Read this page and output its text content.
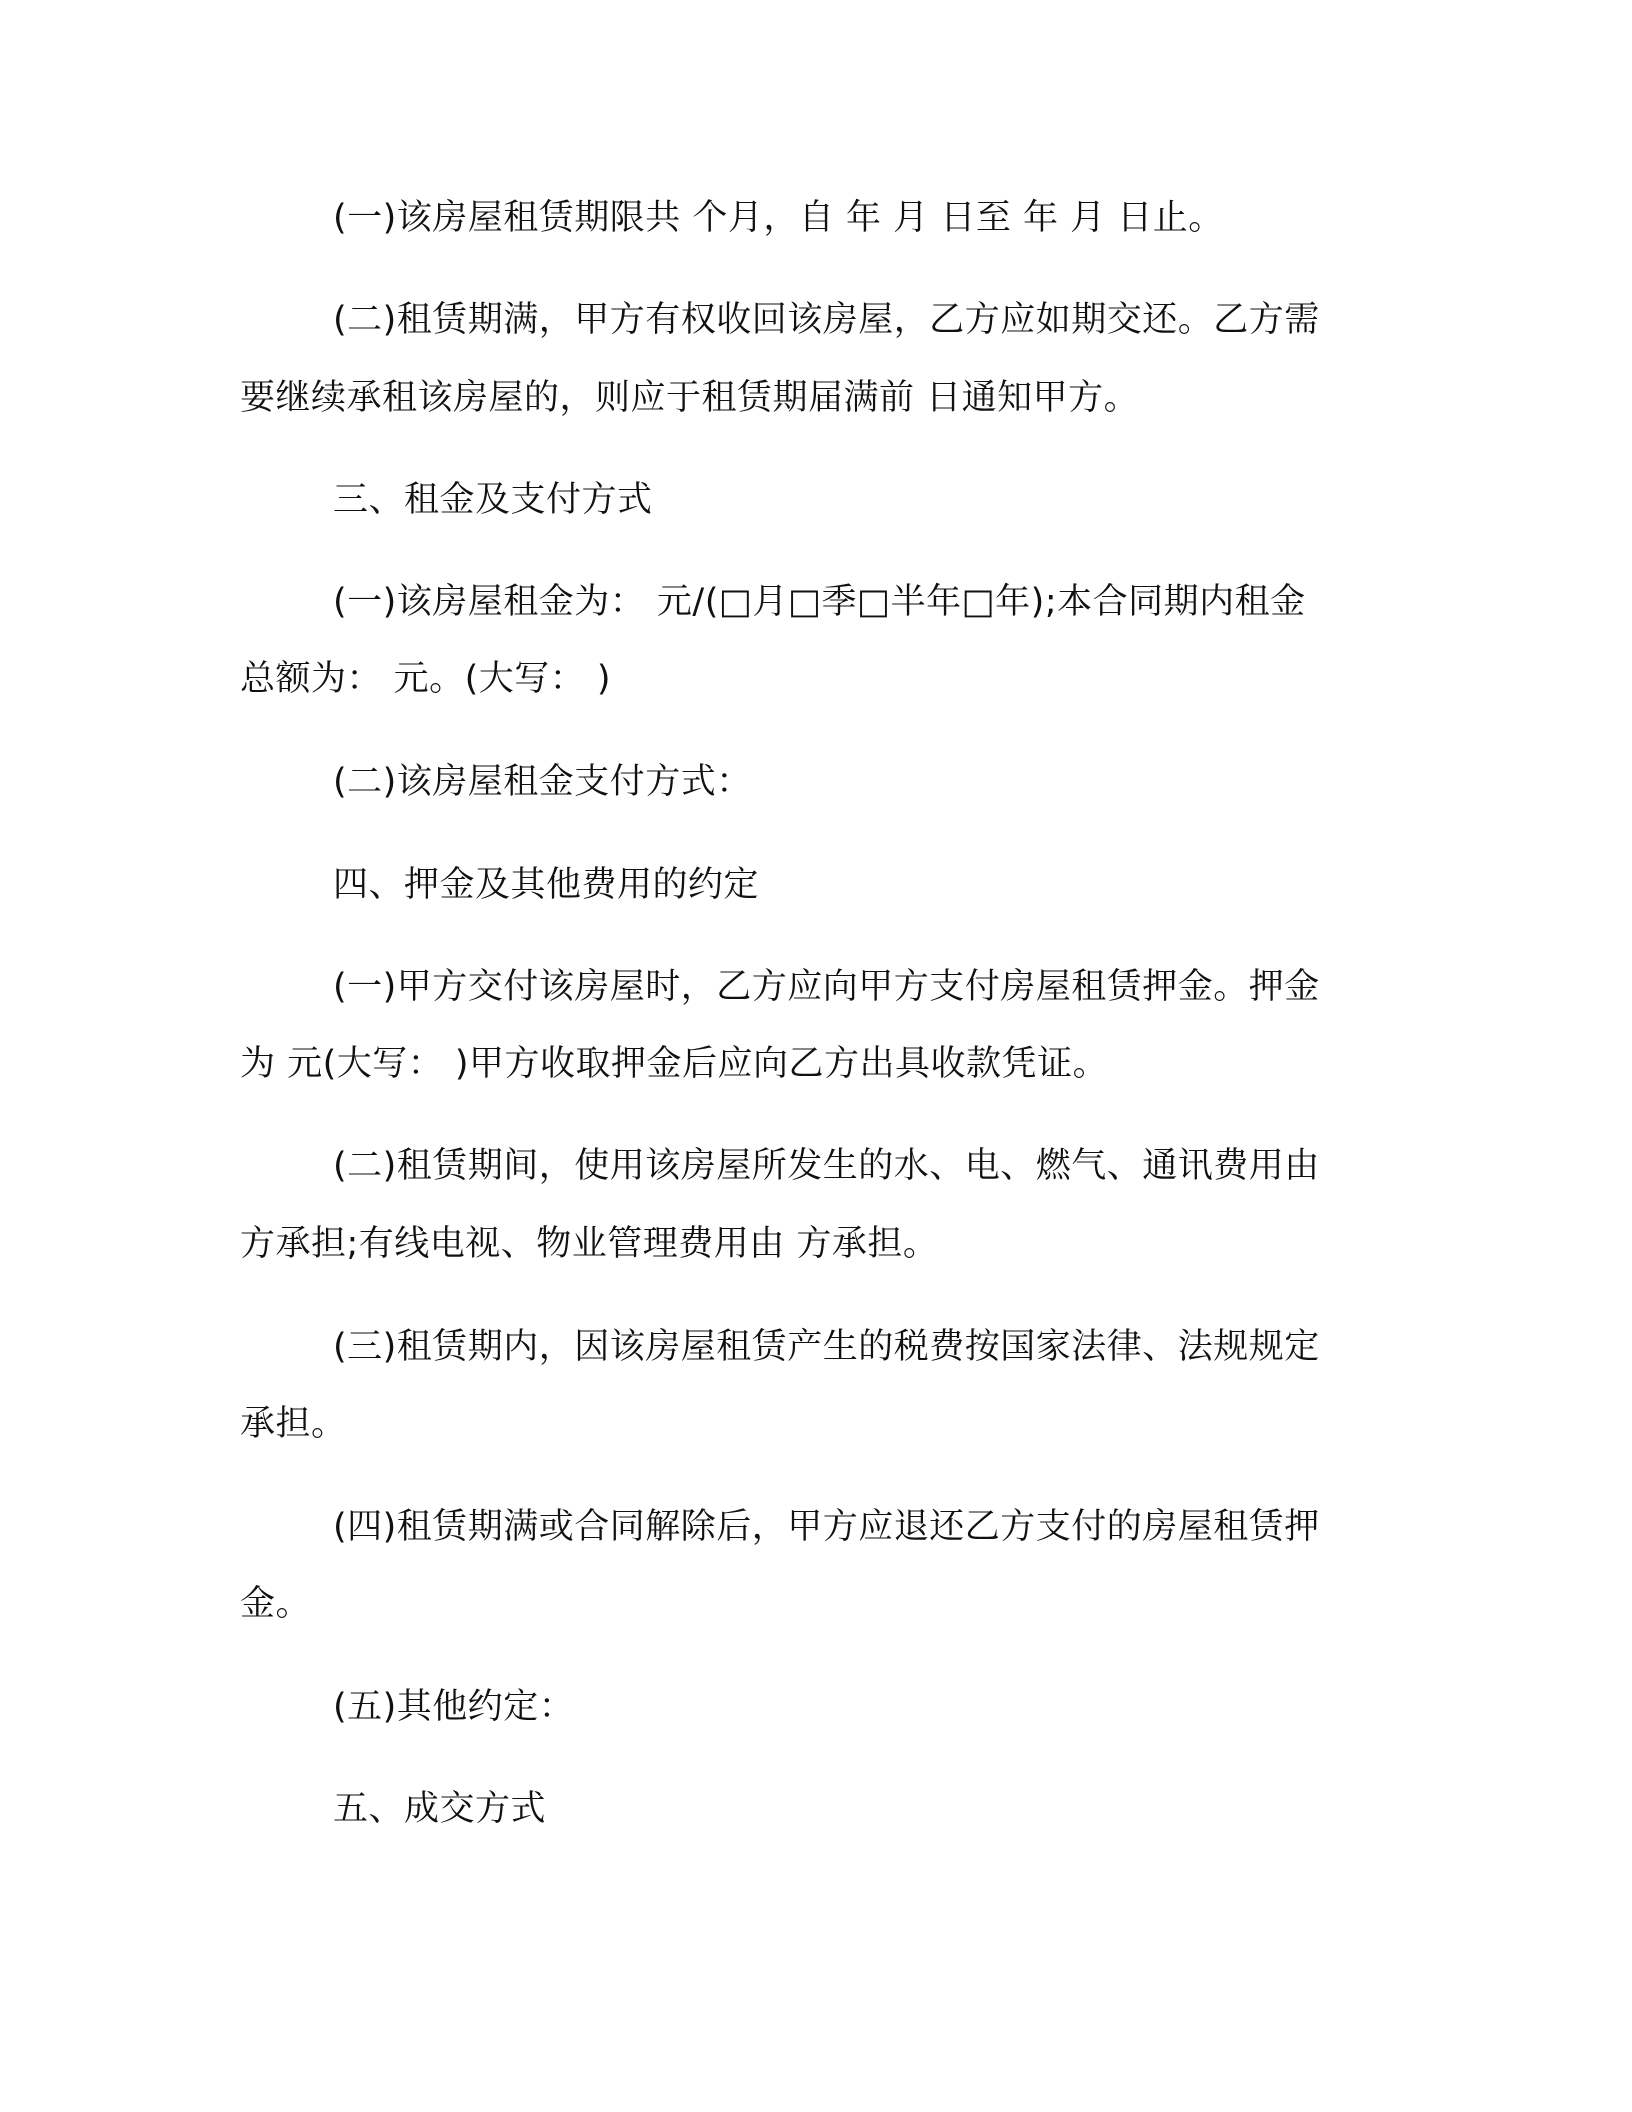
(一)该房屋租赁期限共 个月，自 年 月 日至 年 月 日止。

(二)租赁期满，甲方有权收回该房屋，乙方应如期交还。乙方需

要继续承租该房屋的，则应于租赁期届满前 日通知甲方。

三、租金及支付方式

(一)该房屋租金为： 元/(□月□季□半年□年);本合同期内租金

总额为： 元。(大写： )

(二)该房屋租金支付方式：

四、押金及其他费用的约定

(一)甲方交付该房屋时，乙方应向甲方支付房屋租赁押金。押金

为 元(大写： )甲方收取押金后应向乙方出具收款凭证。

(二)租赁期间，使用该房屋所发生的水、电、燃气、通讯费用由

方承担;有线电视、物业管理费用由 方承担。

(三)租赁期内，因该房屋租赁产生的税费按国家法律、法规规定

承担。

(四)租赁期满或合同解除后，甲方应退还乙方支付的房屋租赁押

金。

(五)其他约定：

五、成交方式
